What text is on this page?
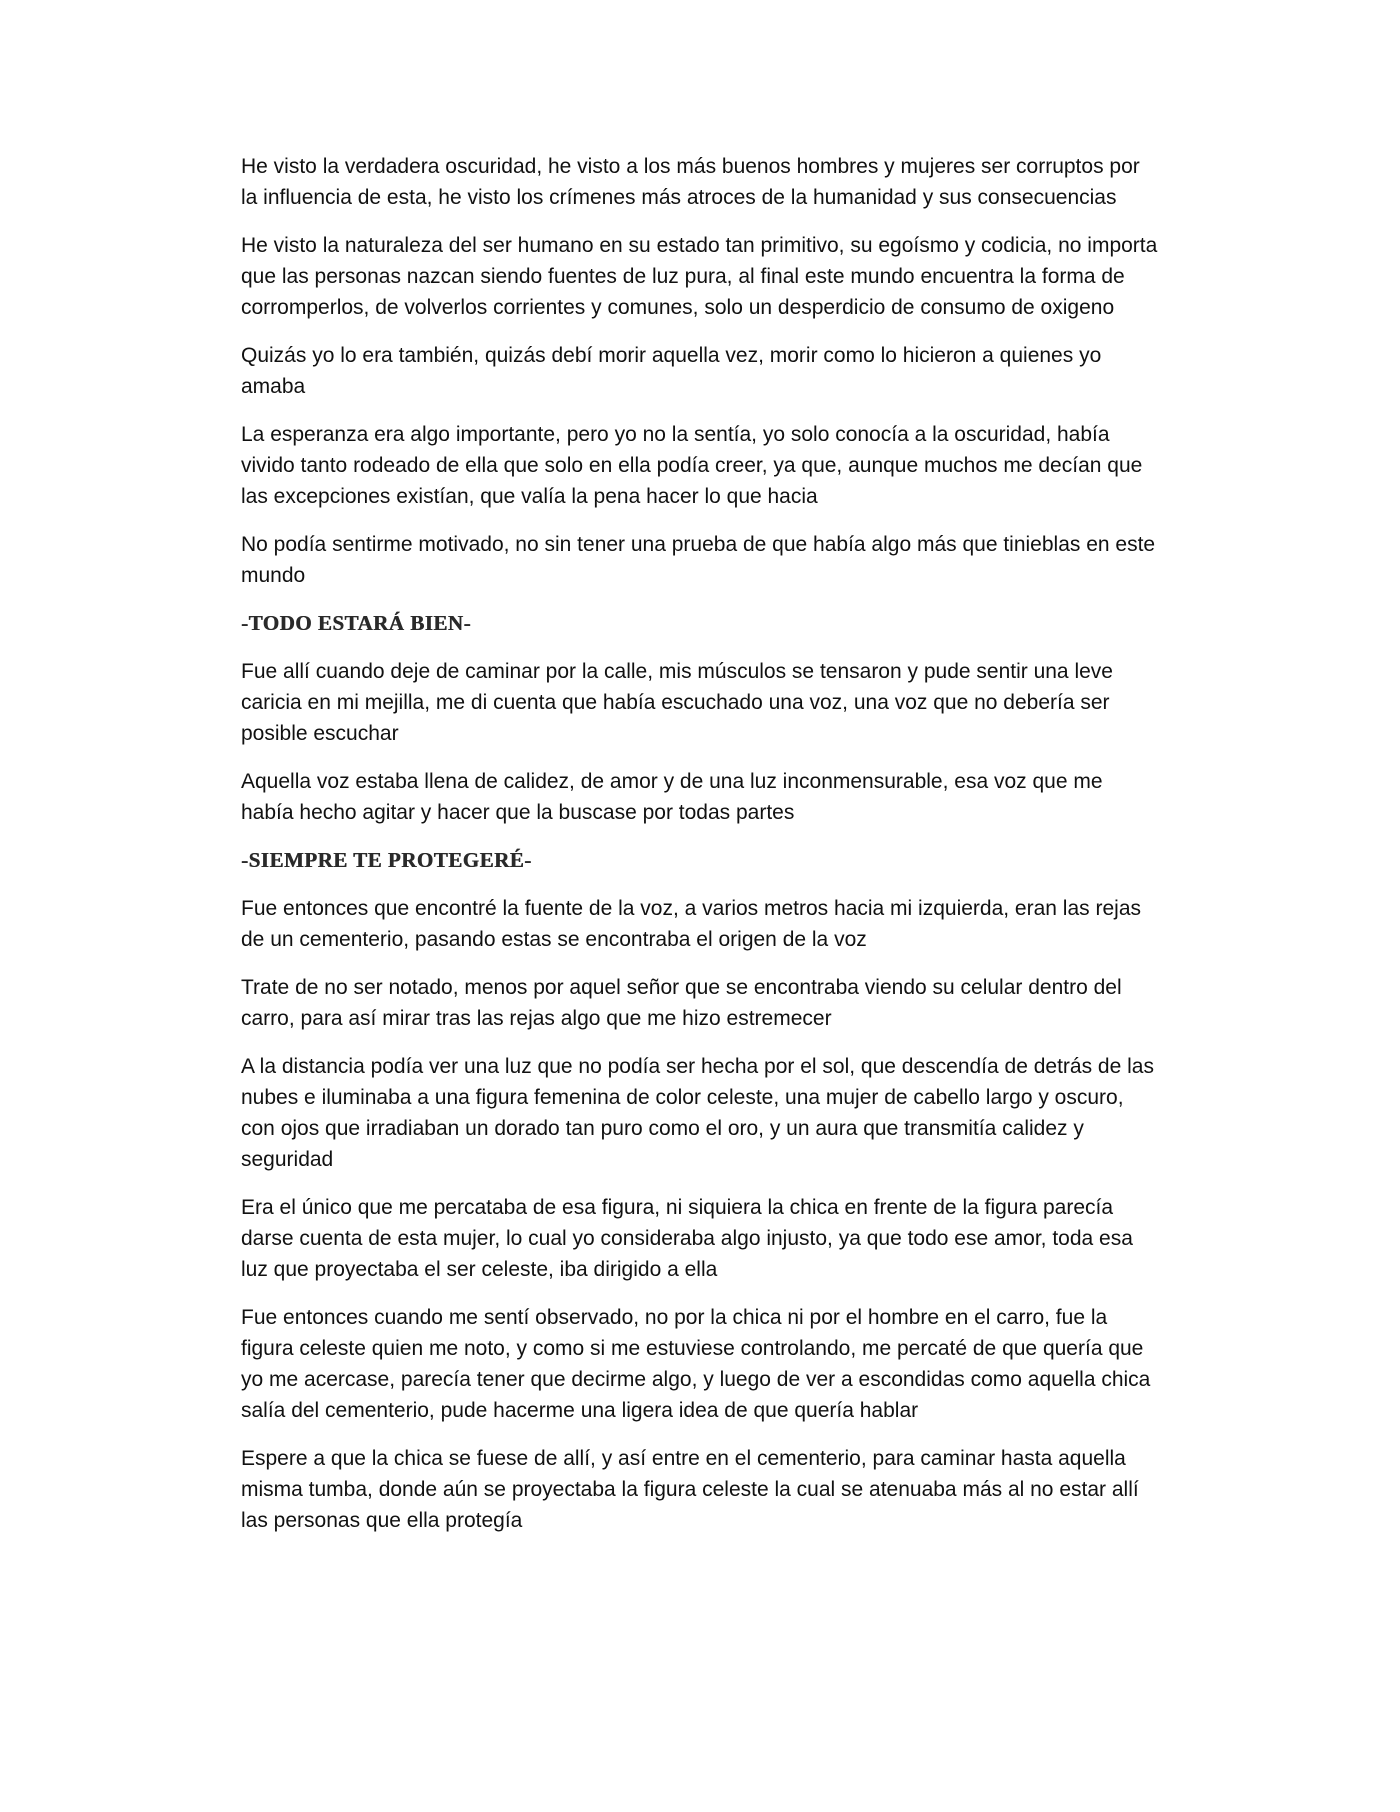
He visto la verdadera oscuridad, he visto a los más buenos hombres y mujeres ser corruptos por la influencia de esta, he visto los crímenes más atroces de la humanidad y sus consecuencias

He visto la naturaleza del ser humano en su estado tan primitivo, su egoísmo y codicia, no importa que las personas nazcan siendo fuentes de luz pura, al final este mundo encuentra la forma de corromperlos, de volverlos corrientes y comunes, solo un desperdicio de consumo de oxigeno

Quizás yo lo era también, quizás debí morir aquella vez, morir como lo hicieron a quienes yo amaba

La esperanza era algo importante, pero yo no la sentía, yo solo conocía a la oscuridad, había vivido tanto rodeado de ella que solo en ella podía creer, ya que, aunque muchos me decían que las excepciones existían, que valía la pena hacer lo que hacia

No podía sentirme motivado, no sin tener una prueba de que había algo más que tinieblas en este mundo

-TODO ESTARÁ BIEN-

Fue allí cuando deje de caminar por la calle, mis músculos se tensaron y pude sentir una leve caricia en mi mejilla, me di cuenta que había escuchado una voz, una voz que no debería ser posible escuchar

Aquella voz estaba llena de calidez, de amor y de una luz inconmensurable, esa voz que me había hecho agitar y hacer que la buscase por todas partes

-SIEMPRE TE PROTEGERÉ-

Fue entonces que encontré la fuente de la voz, a varios metros hacia mi izquierda, eran las rejas de un cementerio, pasando estas se encontraba el origen de la voz

Trate de no ser notado, menos por aquel señor que se encontraba viendo su celular dentro del carro, para así mirar tras las rejas algo que me hizo estremecer

A la distancia podía ver una luz que no podía ser hecha por el sol, que descendía de detrás de las nubes e iluminaba a una figura femenina de color celeste, una mujer de cabello largo y oscuro, con ojos que irradiaban un dorado tan puro como el oro, y un aura que transmitía calidez y seguridad

Era el único que me percataba de esa figura, ni siquiera la chica en frente de la figura parecía darse cuenta de esta mujer, lo cual yo consideraba algo injusto, ya que todo ese amor, toda esa luz que proyectaba el ser celeste, iba dirigido a ella

Fue entonces cuando me sentí observado, no por la chica ni por el hombre en el carro, fue la figura celeste quien me noto, y como si me estuviese controlando, me percaté de que quería que yo me acercase, parecía tener que decirme algo, y luego de ver a escondidas como aquella chica salía del cementerio, pude hacerme una ligera idea de que quería hablar

Espere a que la chica se fuese de allí, y así entre en el cementerio, para caminar hasta aquella misma tumba, donde aún se proyectaba la figura celeste la cual se atenuaba más al no estar allí las personas que ella protegía
